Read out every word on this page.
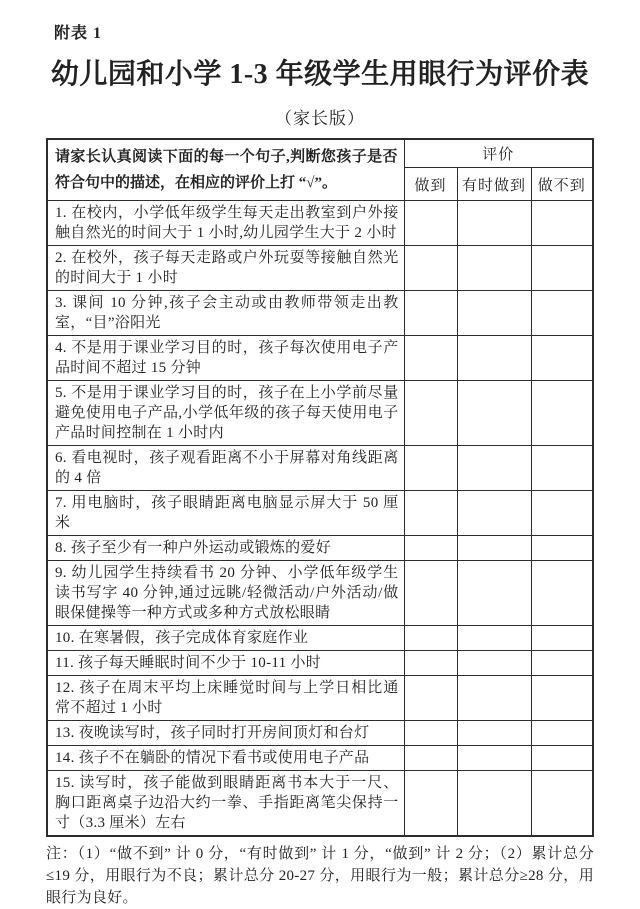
附表 1
幼儿园和小学 1-3 年级学生用眼行为评价表
（家长版）
请家长认真阅读下面的每一个句子,判断您孩子是否符合句中的描述，在相应的评价上打 “√”。	评价		
	做到	有时做到	做不到
1. 在校内，小学低年级学生每天走出教室到户外接触自然光的时间大于 1 小时,幼儿园学生大于 2 小时			
2. 在校外，孩子每天走路或户外玩耍等接触自然光的时间大于 1 小时			
3. 课间 10 分钟,孩子会主动或由教师带领走出教室，“目”浴阳光			
4. 不是用于课业学习目的时，孩子每次使用电子产品时间不超过 15 分钟			
5. 不是用于课业学习目的时，孩子在上小学前尽量避免使用电子产品,小学低年级的孩子每天使用电子产品时间控制在 1 小时内			
6. 看电视时，孩子观看距离不小于屏幕对角线距离的 4 倍			
7. 用电脑时，孩子眼睛距离电脑显示屏大于 50 厘米			
8. 孩子至少有一种户外运动或锻炼的爱好			
9. 幼儿园学生持续看书 20 分钟、小学低年级学生读书写字 40 分钟,通过远眺/轻微活动/户外活动/做眼保健操等一种方式或多种方式放松眼睛			
10. 在寒暑假，孩子完成体育家庭作业			
11. 孩子每天睡眠时间不少于 10-11 小时			
12. 孩子在周末平均上床睡觉时间与上学日相比通常不超过 1 小时			
13. 夜晚读写时，孩子同时打开房间顶灯和台灯			
14. 孩子不在躺卧的情况下看书或使用电子产品			
15. 读写时，孩子能做到眼睛距离书本大于一尺、胸口距离桌子边沿大约一拳、手指距离笔尖保持一寸（3.3 厘米）左右			
注：（1）“做不到” 计 0 分，“有时做到” 计 1 分，“做到” 计 2 分；（2）累计总分≤19 分，用眼行为不良；累计总分 20-27 分，用眼行为一般；累计总分≥28 分，用眼行为良好。
